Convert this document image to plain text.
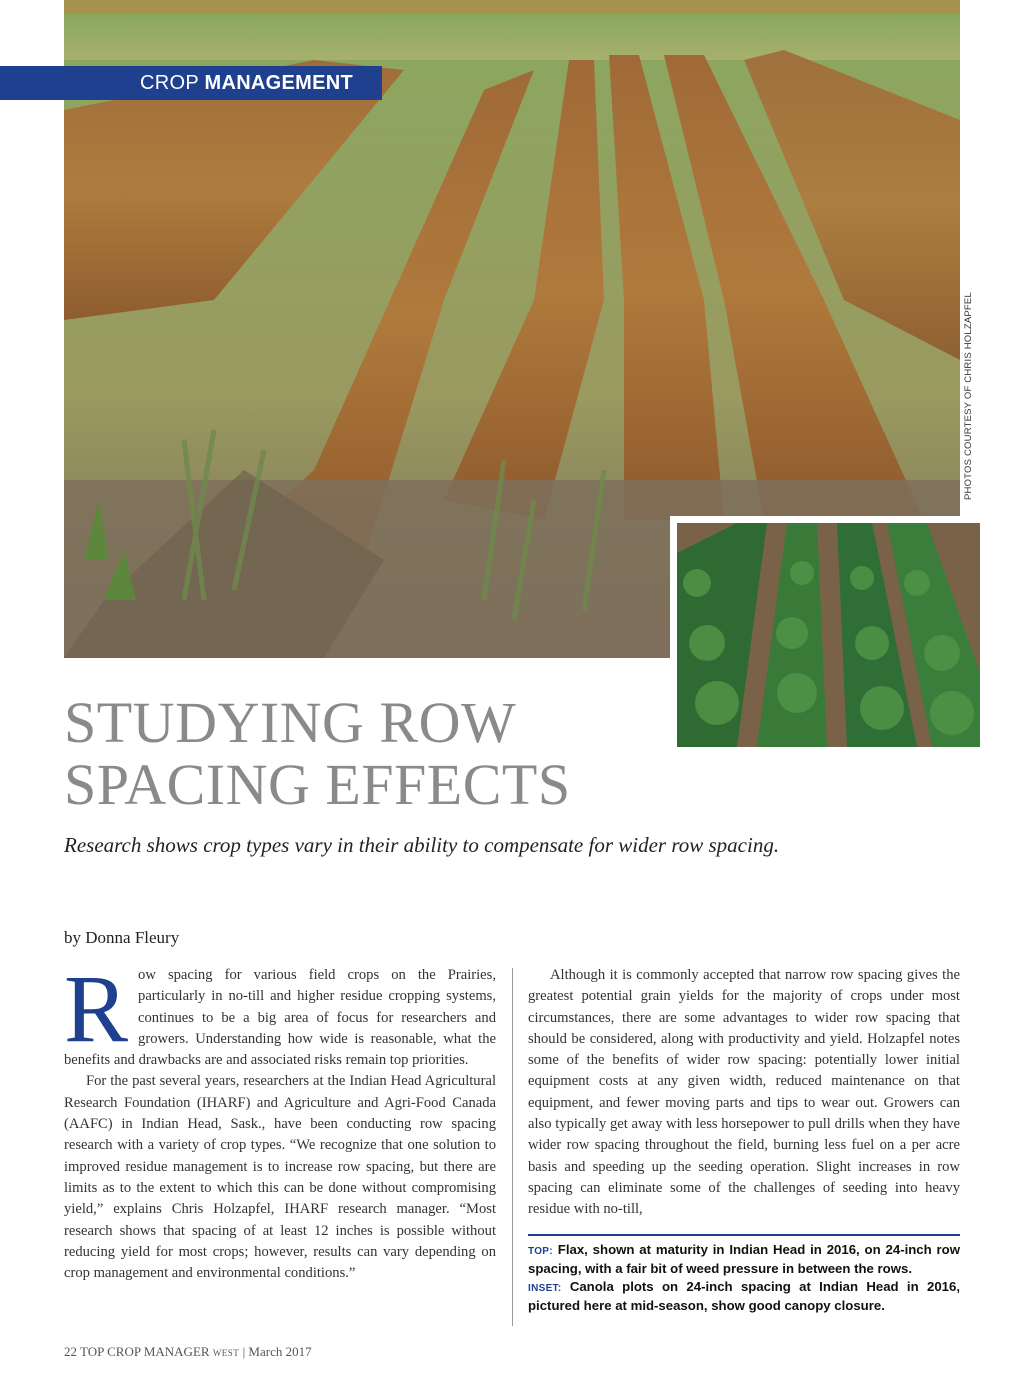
CROP MANAGEMENT
PHOTOS COURTESY OF CHRIS HOLZAPFEL
STUDYING ROW
SPACING EFFECTS
Research shows crop types vary in their ability to compensate for wider row spacing.
by Donna Fleury

Row spacing for various field crops on the Prairies, particularly in no-till and higher residue cropping systems, continues to be a big area of focus for researchers and growers. Understanding how wide is reasonable, what the benefits and drawbacks are and associated risks remain top priorities.

For the past several years, researchers at the Indian Head Agricultural Research Foundation (IHARF) and Agriculture and Agri-Food Canada (AAFC) in Indian Head, Sask., have been conducting row spacing research with a variety of crop types. “We recognize that one solution to improved residue management is to increase row spacing, but there are limits as to the extent to which this can be done without compromising yield,” explains Chris Holzapfel, IHARF research manager. “Most research shows that spacing of at least 12 inches is possible without reducing yield for most crops; however, results can vary depending on crop management and environmental conditions.”

Although it is commonly accepted that narrow row spacing gives the greatest potential grain yields for the majority of crops under most circumstances, there are some advantages to wider row spacing that should be considered, along with productivity and yield. Holzapfel notes some of the benefits of wider row spacing: potentially lower initial equipment costs at any given width, reduced maintenance on that equipment, and fewer moving parts and tips to wear out. Growers can also typically get away with less horsepower to pull drills when they have wider row spacing throughout the field, burning less fuel on a per acre basis and speeding up the seeding operation. Slight increases in row spacing can eliminate some of the challenges of seeding into heavy residue with no-till,

TOP: Flax, shown at maturity in Indian Head in 2016, on 24-inch row spacing, with a fair bit of weed pressure in between the rows.

INSET: Canola plots on 24-inch spacing at Indian Head in 2016, pictured here at mid-season, show good canopy closure.

22 TOP CROP MANAGER WEST | March 2017
